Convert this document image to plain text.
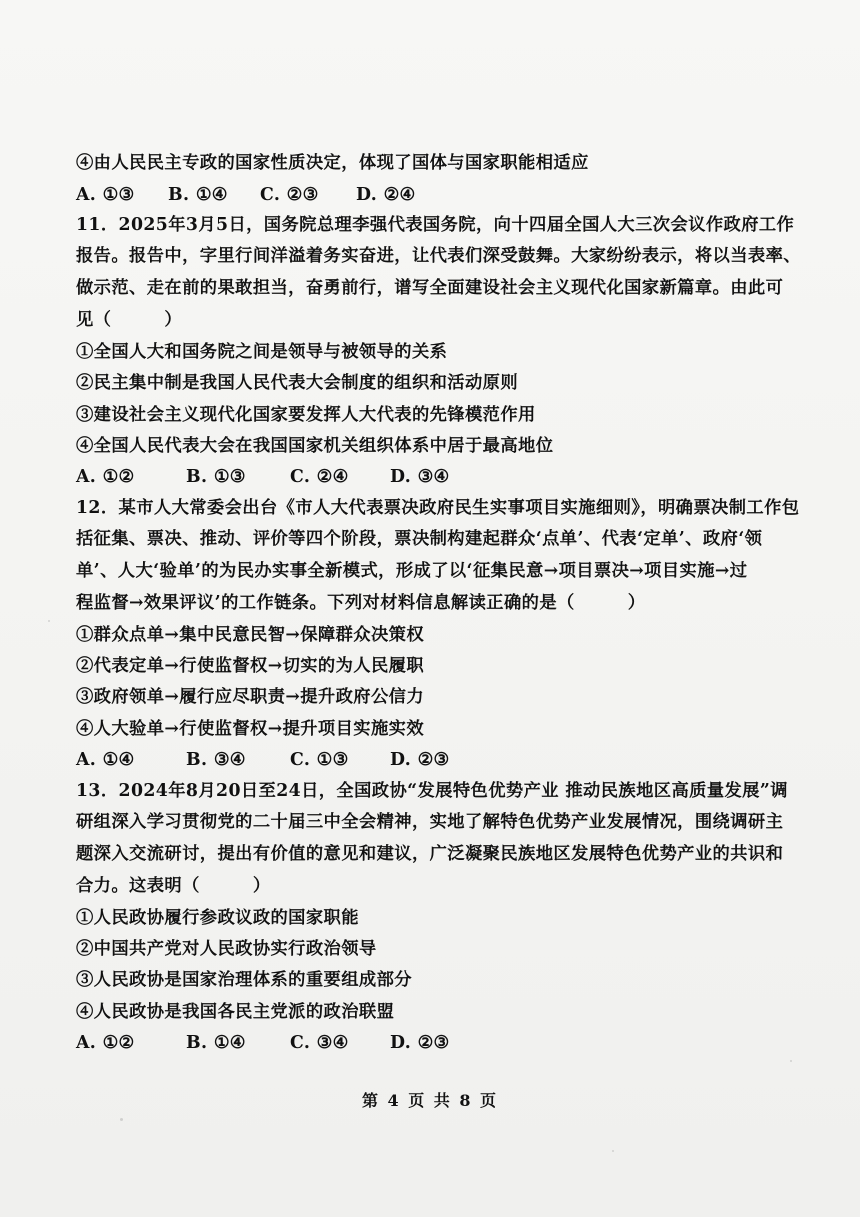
④由人民民主专政的国家性质决定，体现了国体与国家职能相适应
A. ①③ B. ①④ C. ②③ D. ②④
11．2025年3月5日，国务院总理李强代表国务院，向十四届全国人大三次会议作政府工作
报告。报告中，字里行间洋溢着务实奋进，让代表们深受鼓舞。大家纷纷表示，将以当表率、
做示范、走在前的果敢担当，奋勇前行，谱写全面建设社会主义现代化国家新篇章。由此可
见（　　　）
①全国人大和国务院之间是领导与被领导的关系
②民主集中制是我国人民代表大会制度的组织和活动原则
③建设社会主义现代化国家要发挥人大代表的先锋模范作用
④全国人民代表大会在我国国家机关组织体系中居于最高地位
A. ①②	B. ①③	C. ②④ D. ③④
12．某市人大常委会出台《市人大代表票决政府民生实事项目实施细则》，明确票决制工作包
括征集、票决、推动、评价等四个阶段，票决制构建起群众‘点单’、代表‘定单’、政府‘领
单’、人大‘验单’的为民办实事全新模式，形成了以‘征集民意→项目票决→项目实施→过
程监督→效果评议’的工作链条。下列对材料信息解读正确的是（　　　）
①群众点单→集中民意民智→保障群众决策权
②代表定单→行使监督权→切实的为人民履职
③政府领单→履行应尽职责→提升政府公信力
④人大验单→行使监督权→提升项目实施实效
A. ①④	B. ③④	C. ①③ D. ②③
13．2024年8月20日至24日，全国政协“发展特色优势产业 推动民族地区高质量发展”调
研组深入学习贯彻党的二十届三中全会精神，实地了解特色优势产业发展情况，围绕调研主
题深入交流研讨，提出有价值的意见和建议，广泛凝聚民族地区发展特色优势产业的共识和
合力。这表明（　　　）
①人民政协履行参政议政的国家职能
②中国共产党对人民政协实行政治领导
③人民政协是国家治理体系的重要组成部分
④人民政协是我国各民主党派的政治联盟
A. ①②	B. ①④	C. ③④ D. ②③
第 4 页 共 8 页
